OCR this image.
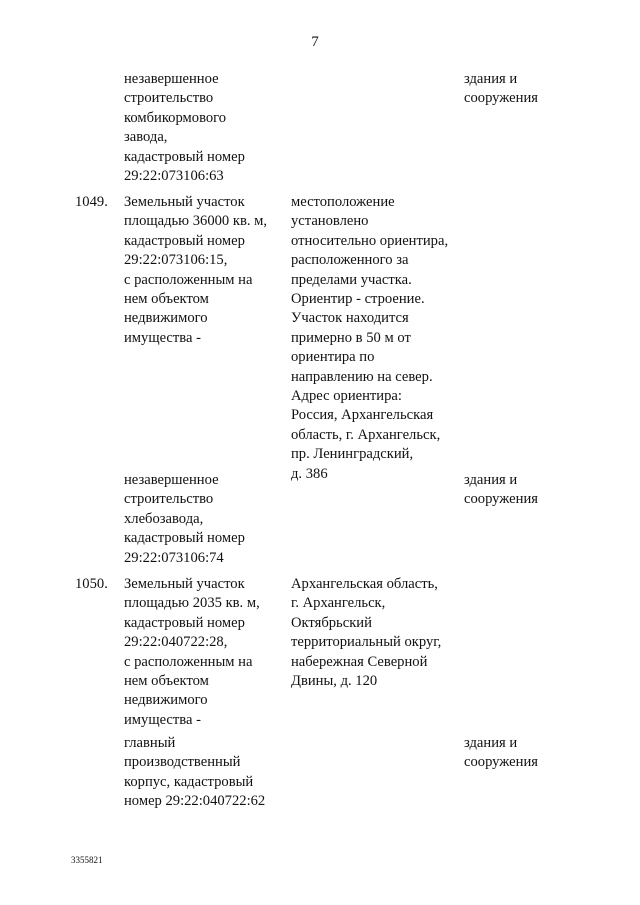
7
незавершенное
строительство
комбикормового
завода,
кадастровый номер
29:22:073106:63
здания и
сооружения
1049.	Земельный участок
площадью 36000 кв. м,
кадастровый номер
29:22:073106:15,
с расположенным на
нем объектом
недвижимого
имущества -
местоположение
установлено
относительно ориентира,
расположенного за
пределами участка.
Ориентир - строение.
Участок находится
примерно в 50 м от
ориентира по
направлению на север.
Адрес ориентира:
Россия, Архангельская
область, г. Архангельск,
пр. Ленинградский,
д. 386
незавершенное
строительство
хлебозавода,
кадастровый номер
29:22:073106:74
здания и
сооружения
1050.	Земельный участок
площадью 2035 кв. м,
кадастровый номер
29:22:040722:28,
с расположенным на
нем объектом
недвижимого
имущества -
Архангельская область,
г. Архангельск,
Октябрьский
территориальный округ,
набережная Северной
Двины, д. 120
главный
производственный
корпус, кадастровый
номер 29:22:040722:62
здания и
сооружения
3355821
